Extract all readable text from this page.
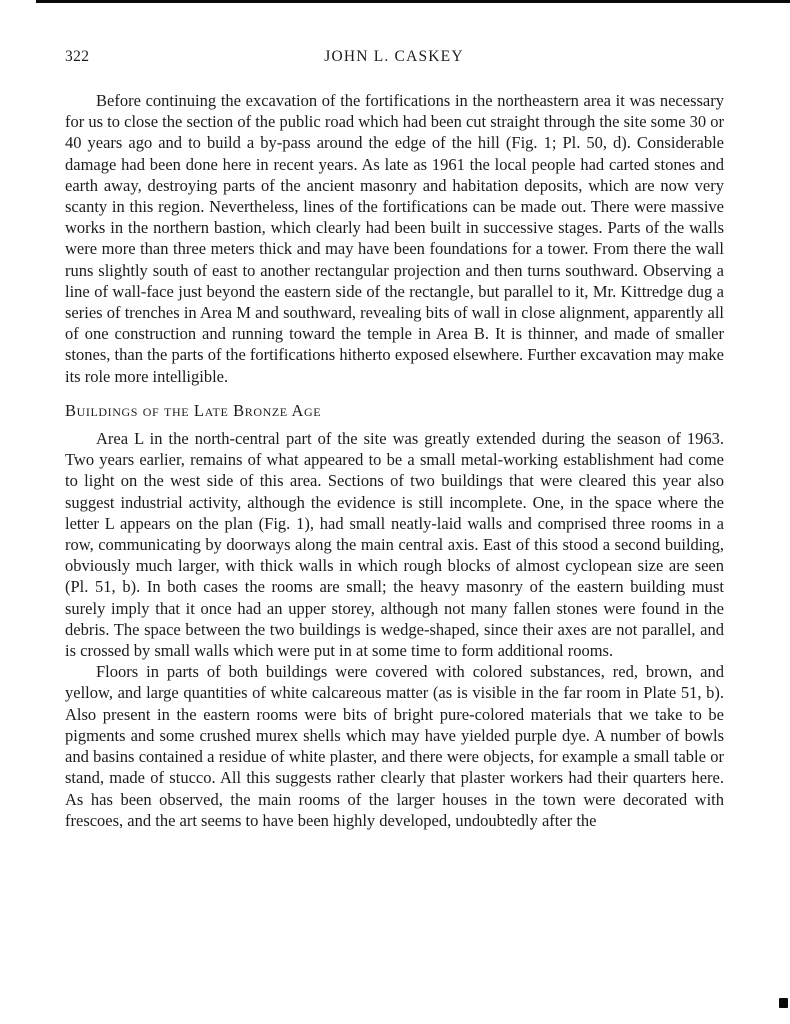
322	JOHN L. CASKEY

Before continuing the excavation of the fortifications in the northeastern area it was necessary for us to close the section of the public road which had been cut straight through the site some 30 or 40 years ago and to build a by-pass around the edge of the hill (Fig. 1; Pl. 50, d). Considerable damage had been done here in recent years. As late as 1961 the local people had carted stones and earth away, destroying parts of the ancient masonry and habitation deposits, which are now very scanty in this region. Nevertheless, lines of the fortifications can be made out. There were massive works in the northern bastion, which clearly had been built in successive stages. Parts of the walls were more than three meters thick and may have been foundations for a tower. From there the wall runs slightly south of east to another rectangular projection and then turns southward. Observing a line of wall-face just beyond the eastern side of the rectangle, but parallel to it, Mr. Kittredge dug a series of trenches in Area M and southward, revealing bits of wall in close alignment, apparently all of one construction and running toward the temple in Area B. It is thinner, and made of smaller stones, than the parts of the fortifications hitherto exposed elsewhere. Further excavation may make its role more intelligible.

Buildings of the Late Bronze Age

Area L in the north-central part of the site was greatly extended during the season of 1963. Two years earlier, remains of what appeared to be a small metal-working establishment had come to light on the west side of this area. Sections of two buildings that were cleared this year also suggest industrial activity, although the evidence is still incomplete. One, in the space where the letter L appears on the plan (Fig. 1), had small neatly-laid walls and comprised three rooms in a row, communicating by doorways along the main central axis. East of this stood a second building, obviously much larger, with thick walls in which rough blocks of almost cyclopean size are seen (Pl. 51, b). In both cases the rooms are small; the heavy masonry of the eastern building must surely imply that it once had an upper storey, although not many fallen stones were found in the debris. The space between the two buildings is wedge-shaped, since their axes are not parallel, and is crossed by small walls which were put in at some time to form additional rooms.

Floors in parts of both buildings were covered with colored substances, red, brown, and yellow, and large quantities of white calcareous matter (as is visible in the far room in Plate 51, b). Also present in the eastern rooms were bits of bright pure-colored materials that we take to be pigments and some crushed murex shells which may have yielded purple dye. A number of bowls and basins contained a residue of white plaster, and there were objects, for example a small table or stand, made of stucco. All this suggests rather clearly that plaster workers had their quarters here. As has been observed, the main rooms of the larger houses in the town were decorated with frescoes, and the art seems to have been highly developed, undoubtedly after the
